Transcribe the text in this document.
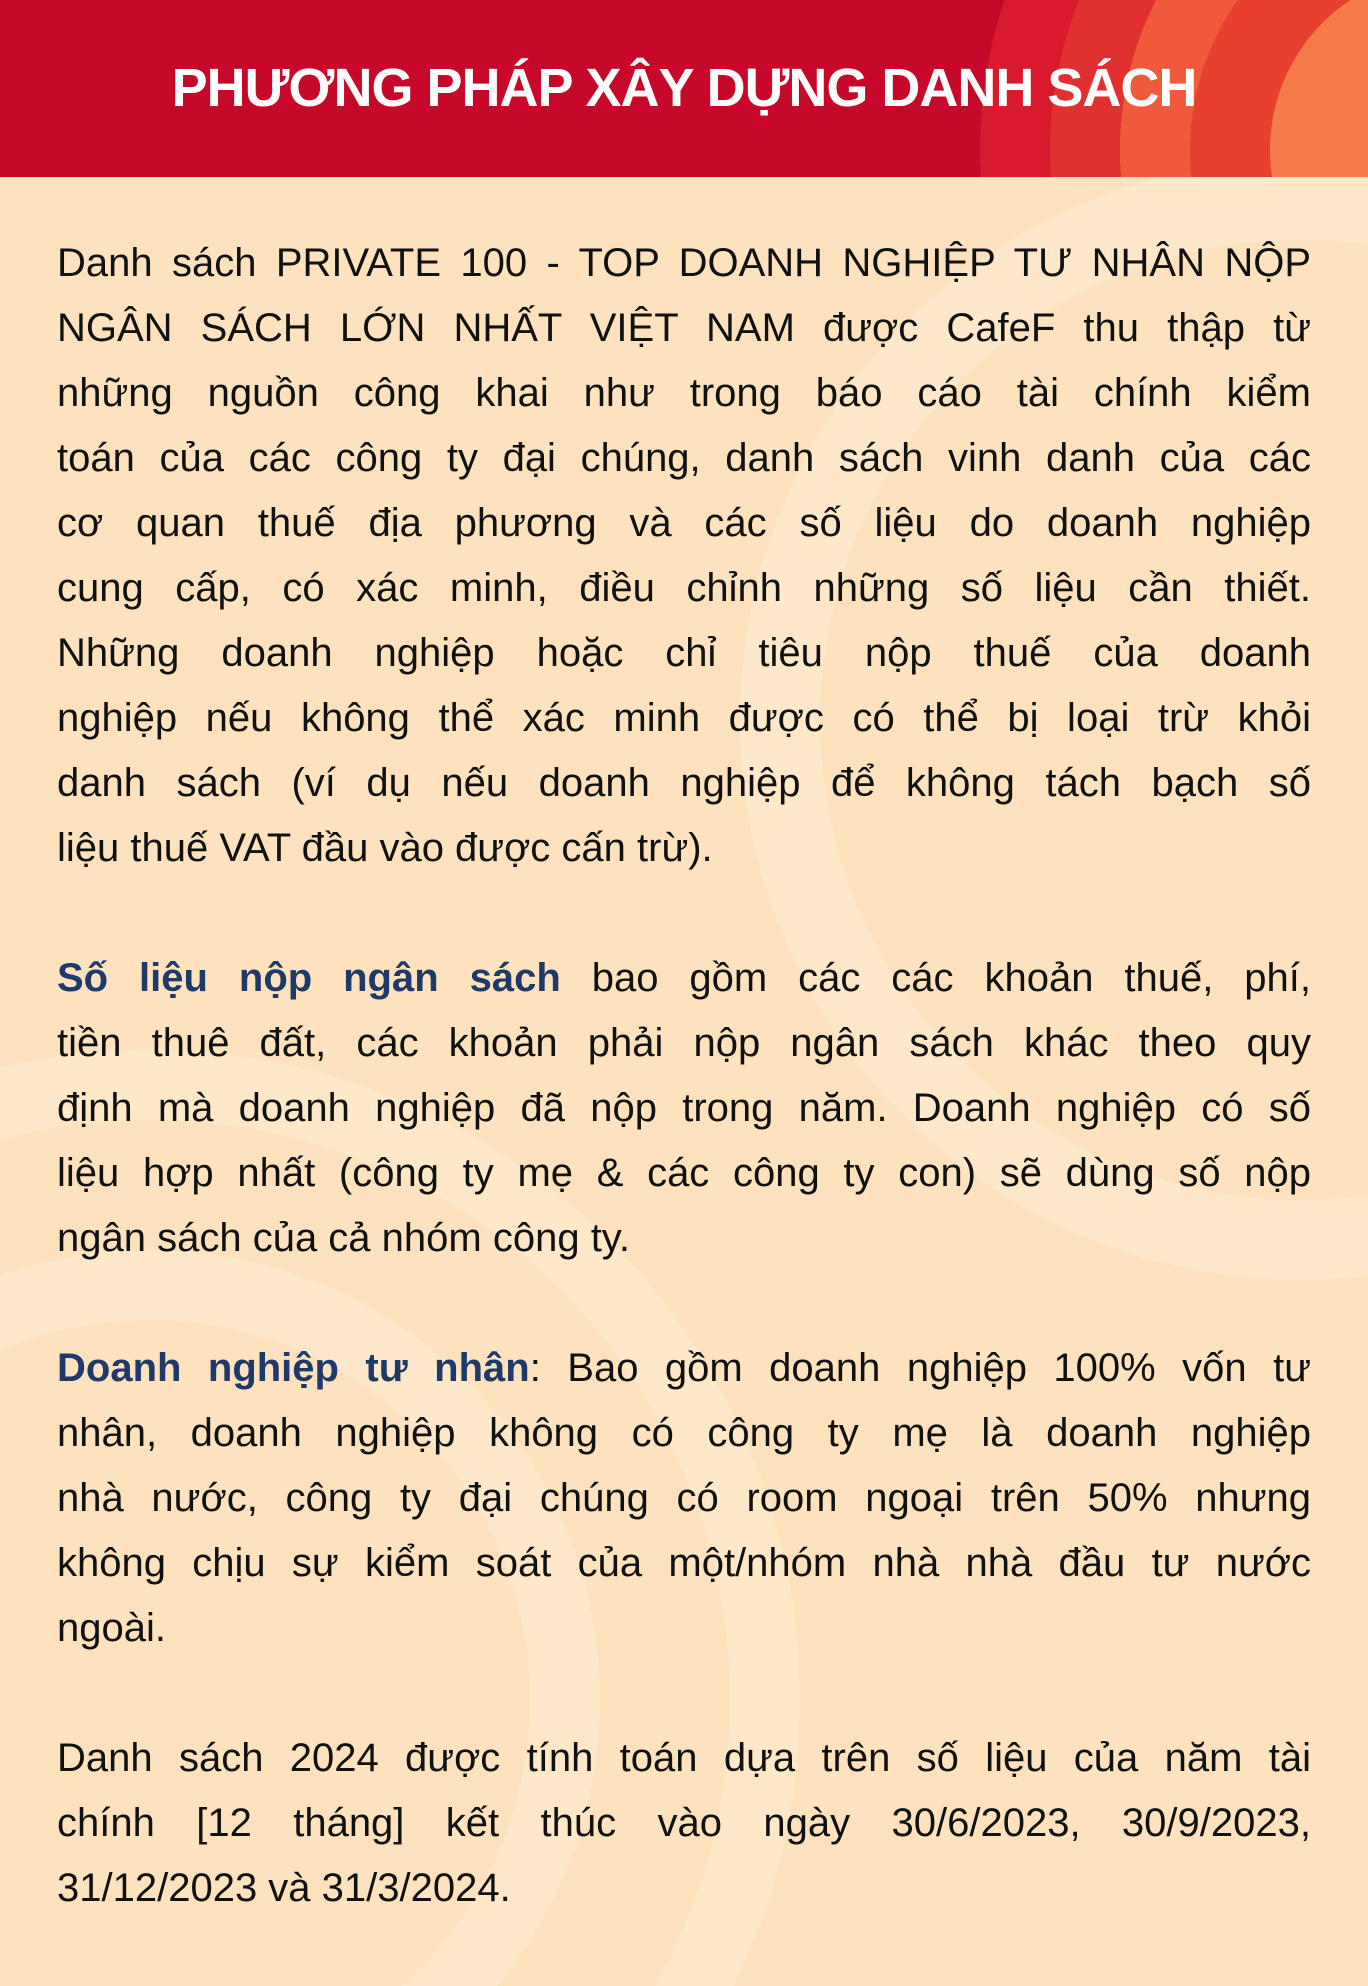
PHƯƠNG PHÁP XÂY DỰNG DANH SÁCH
Danh sách PRIVATE 100 - TOP DOANH NGHIỆP TƯ NHÂN NỘP
NGÂN SÁCH LỚN NHẤT VIỆT NAM được CafeF thu thập từ
những nguồn công khai như trong báo cáo tài chính kiểm
toán của các công ty đại chúng, danh sách vinh danh của các
cơ quan thuế địa phương và các số liệu do doanh nghiệp
cung cấp, có xác minh, điều chỉnh những số liệu cần thiết.
Những doanh nghiệp hoặc chỉ tiêu nộp thuế của doanh
nghiệp nếu không thể xác minh được có thể bị loại trừ khỏi
danh sách (ví dụ nếu doanh nghiệp để không tách bạch số
liệu thuế VAT đầu vào được cấn trừ).
Số liệu nộp ngân sách bao gồm các các khoản thuế, phí,
tiền thuê đất, các khoản phải nộp ngân sách khác theo quy
định mà doanh nghiệp đã nộp trong năm. Doanh nghiệp có số
liệu hợp nhất (công ty mẹ & các công ty con) sẽ dùng số nộp
ngân sách của cả nhóm công ty.
Doanh nghiệp tư nhân: Bao gồm doanh nghiệp 100% vốn tư
nhân, doanh nghiệp không có công ty mẹ là doanh nghiệp
nhà nước, công ty đại chúng có room ngoại trên 50% nhưng
không chịu sự kiểm soát của một/nhóm nhà nhà đầu tư nước
ngoài.
Danh sách 2024 được tính toán dựa trên số liệu của năm tài
chính [12 tháng] kết thúc vào ngày 30/6/2023, 30/9/2023,
31/12/2023 và 31/3/2024.
